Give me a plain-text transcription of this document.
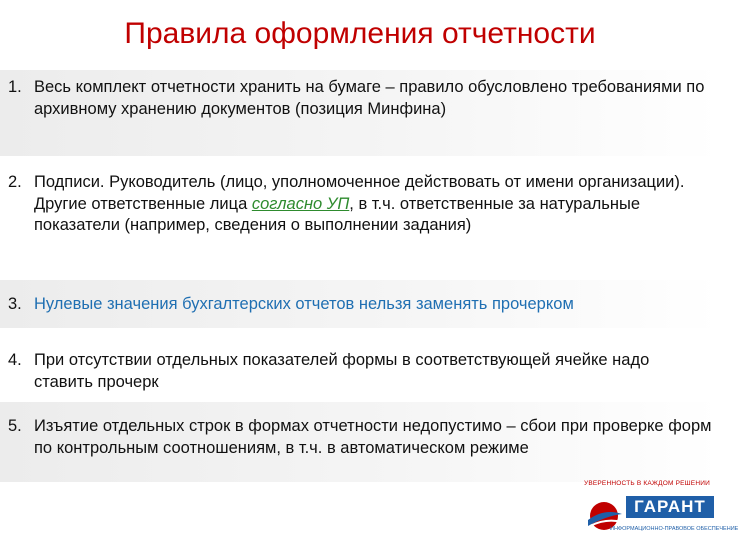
Правила оформления отчетности
1. Весь комплект отчетности хранить на бумаге – правило обусловлено требованиями по архивному хранению документов (позиция Минфина)
2. Подписи. Руководитель (лицо, уполномоченное действовать от имени организации). Другие ответственные лица согласно УП, в т.ч. ответственные за натуральные показатели (например, сведения о выполнении задания)
3. Нулевые значения бухгалтерских отчетов нельзя заменять прочерком
4. При отсутствии отдельных показателей формы в соответствующей ячейке надо ставить прочерк
5. Изъятие отдельных строк в формах отчетности недопустимо – сбои при проверке форм по контрольным соотношениям, в т.ч. в автоматическом режиме
УВЕРЕННОСТЬ В КАЖДОМ РЕШЕНИИ
ГАРАНТ
ИНФОРМАЦИОННО-ПРАВОВОЕ ОБЕСПЕЧЕНИЕ
